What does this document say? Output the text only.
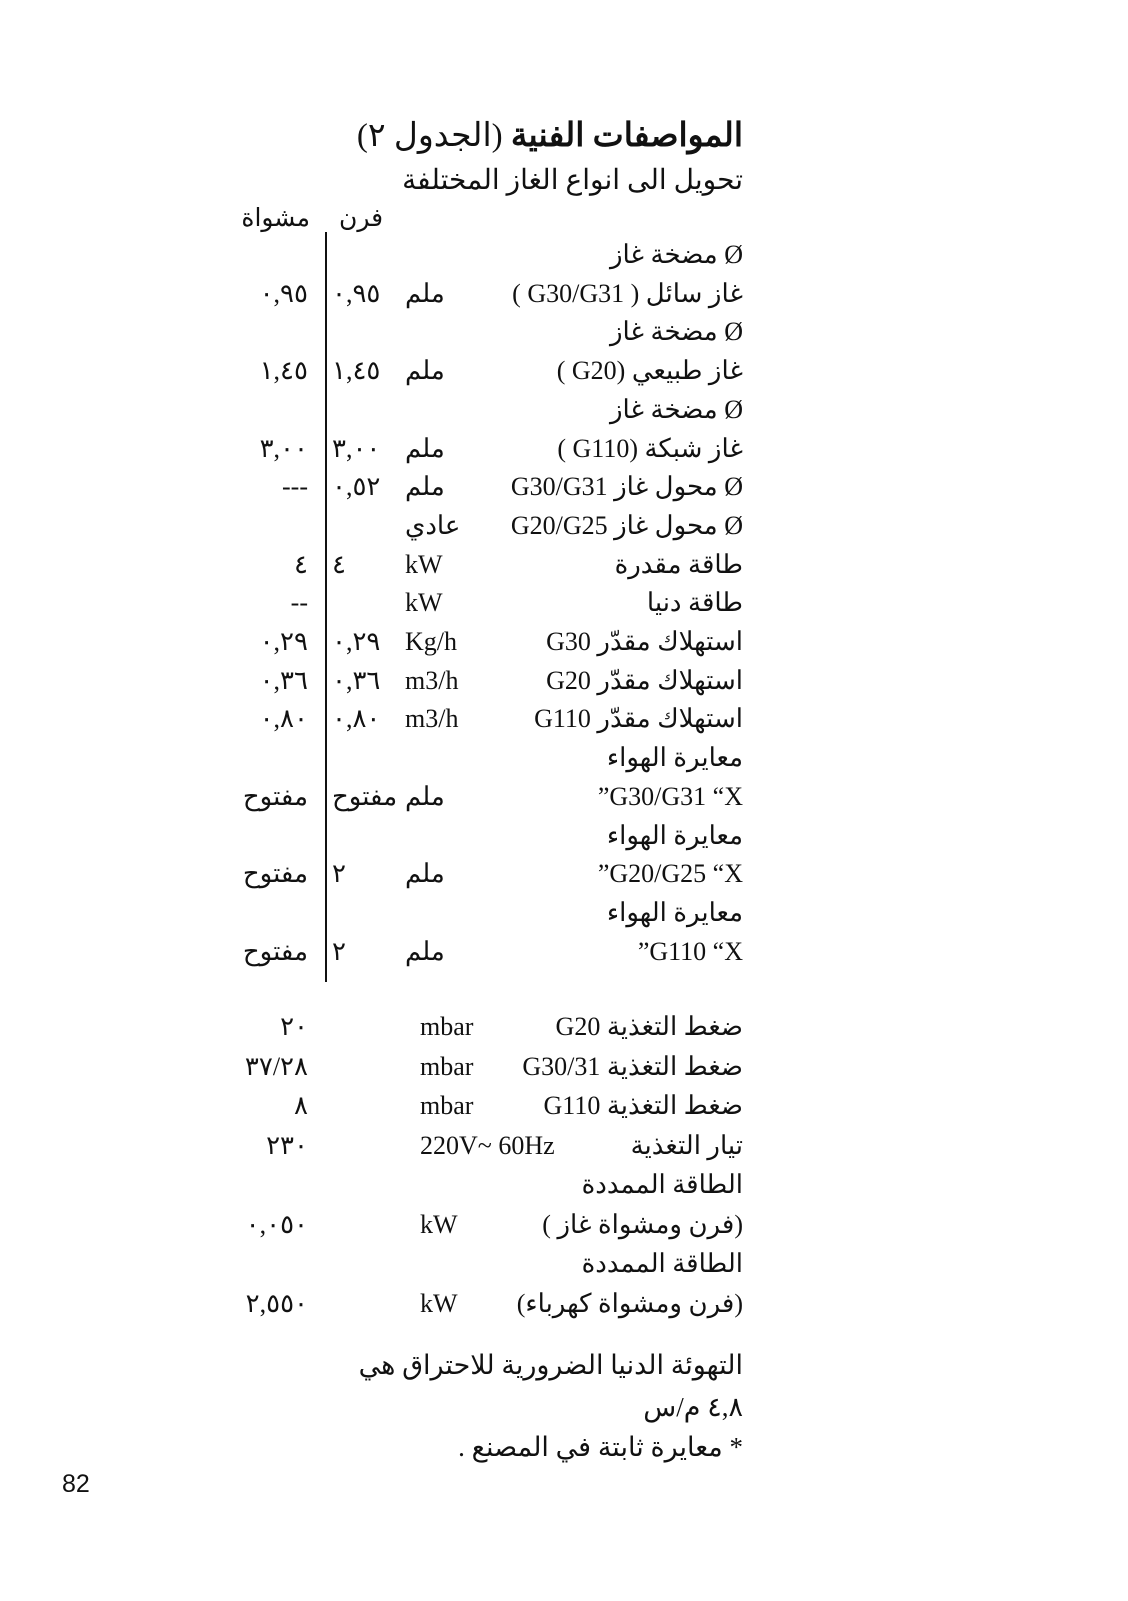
المواصفات الفنية (الجدول ٢)
تحويل الى انواع الغاز المختلفة
فرن
مشواة
Ø مضخة غاز
غاز سائل ( G30/G31 )
ملم
٠,٩٥
٠,٩٥
Ø مضخة غاز
غاز طبيعي (G20 )
ملم
١,٤٥
١,٤٥
Ø مضخة غاز
غاز شبكة (G110 )
ملم
٣,٠٠
٣,٠٠
Ø محول غاز G30/G31
ملم
٠,٥٢
---
Ø محول غاز G20/G25
عادي
طاقة مقدرة
kW
٤
٤
طاقة دنيا
kW
--
استهلاك مقدّر G30
Kg/h
٠,٢٩
٠,٢٩
استهلاك مقدّر G20
m3/h
٠,٣٦
٠,٣٦
استهلاك مقدّر G110
m3/h
٠,٨٠
٠,٨٠
معايرة الهواء
G30/G31 “X”
ملم
مفتوح
مفتوح
معايرة الهواء
G20/G25 “X”
ملم
٢
مفتوح
معايرة الهواء
G110 “X”
ملم
٢
مفتوح
ضغط التغذية G20
mbar
٢٠
ضغط التغذية G30/31
mbar
٣٧/٢٨
ضغط التغذية G110
mbar
٨
تيار التغذية
220V~ 60Hz
٢٣٠
الطاقة الممددة
(فرن ومشواة غاز )
kW
٠,٠٥٠
الطاقة الممددة
(فرن ومشواة كهرباء)
kW
٢,٥٥٠
التهوئة الدنيا الضرورية للاحتراق هي
٤,٨ م/س
* معايرة ثابتة في المصنع .
82
